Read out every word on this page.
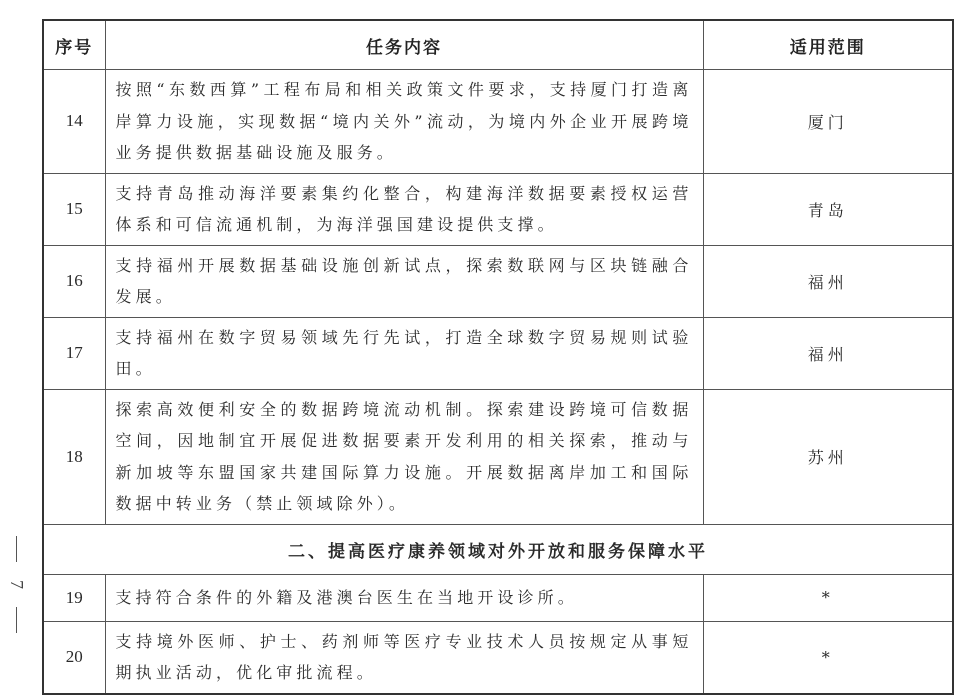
7
序号	任务内容	适用范围
14	按照“东数西算”工程布局和相关政策文件要求，支持厦门打造离岸算力设施，实现数据“境内关外”流动，为境内外企业开展跨境业务提供数据基础设施及服务。	厦门
15	支持青岛推动海洋要素集约化整合，构建海洋数据要素授权运营体系和可信流通机制，为海洋强国建设提供支撑。	青岛
16	支持福州开展数据基础设施创新试点，探索数联网与区块链融合发展。	福州
17	支持福州在数字贸易领域先行先试，打造全球数字贸易规则试验田。	福州
18	探索高效便利安全的数据跨境流动机制。探索建设跨境可信数据空间，因地制宜开展促进数据要素开发利用的相关探索，推动与新加坡等东盟国家共建国际算力设施。开展数据离岸加工和国际数据中转业务（禁止领域除外）。	苏州
二、提高医疗康养领域对外开放和服务保障水平		
19	支持符合条件的外籍及港澳台医生在当地开设诊所。	*
20	支持境外医师、护士、药剂师等医疗专业技术人员按规定从事短期执业活动，优化审批流程。	*
